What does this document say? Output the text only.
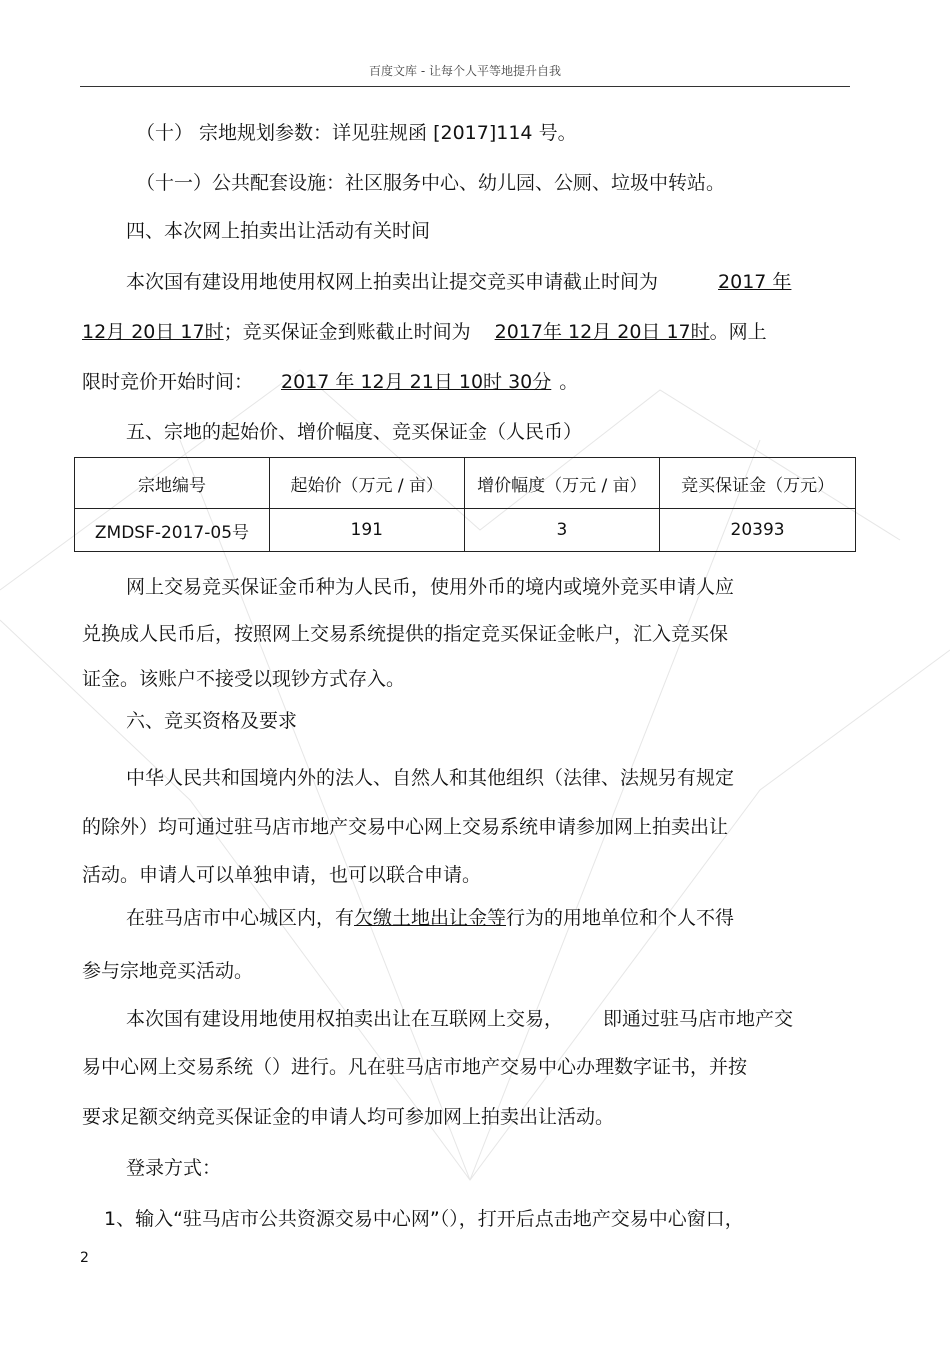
百度文库 - 让每个人平等地提升自我
（十） 宗地规划参数：详见驻规函 [2017]114 号。
（十一）公共配套设施：社区服务中心、幼儿园、公厕、垃圾中转站。
四、本次网上拍卖出让活动有关时间
本次国有建设用地使用权网上拍卖出让提交竞买申请截止时间为	2017 年
12月 20日 17时；竞买保证金到账截止时间为 2017年 12月 20日 17时。网上
限时竞价开始时间： 2017 年 12月 21日 10时 30分 。
五、宗地的起始价、增价幅度、竞买保证金（人民币）
宗地编号	起始价（万元 / 亩）	增价幅度（万元 / 亩）	竞买保证金（万元）
ZMDSF-2017-05号	191	3	20393
网上交易竞买保证金币种为人民币，使用外币的境内或境外竞买申请人应
兑换成人民币后，按照网上交易系统提供的指定竞买保证金帐户，汇入竞买保
证金。该账户不接受以现钞方式存入。
六、竞买资格及要求
中华人民共和国境内外的法人、自然人和其他组织（法律、法规另有规定
的除外）均可通过驻马店市地产交易中心网上交易系统申请参加网上拍卖出让
活动。申请人可以单独申请，也可以联合申请。
在驻马店市中心城区内，有欠缴土地出让金等行为的用地单位和个人不得
参与宗地竞买活动。
本次国有建设用地使用权拍卖出让在互联网上交易， 即通过驻马店市地产交
易中心网上交易系统（）进行。凡在驻马店市地产交易中心办理数字证书，并按
要求足额交纳竞买保证金的申请人均可参加网上拍卖出让活动。
登录方式：
1、输入“驻马店市公共资源交易中心网”（），打开后点击地产交易中心窗口，
2
